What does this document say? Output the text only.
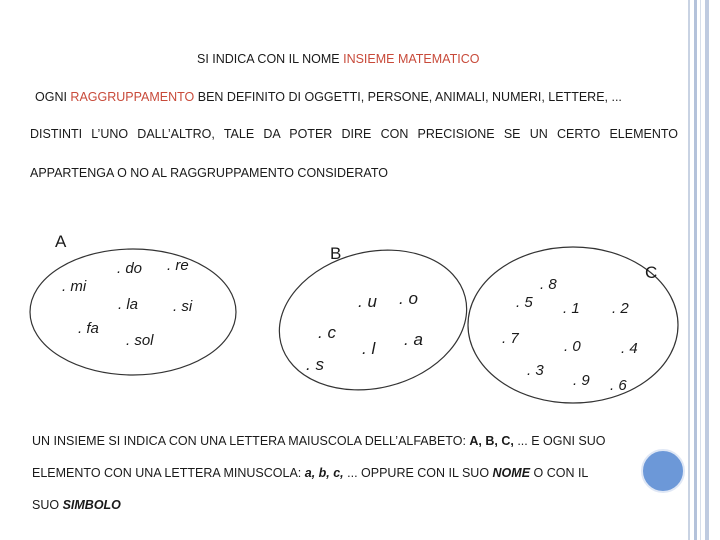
SI INDICA CON IL NOME INSIEME MATEMATICO
OGNI RAGGRUPPAMENTO BEN DEFINITO DI OGGETTI, PERSONE, ANIMALI, NUMERI, LETTERE, ...
DISTINTI L’UNO DALL’ALTRO, TALE DA POTER DIRE CON PRECISIONE SE UN CERTO ELEMENTO
APPARTENGA O NO AL RAGGRUPPAMENTO CONSIDERATO
A
B
C
. do . re
. mi
. la . si
. fa
. sol
. u . o
. c
. s
. l . a
. 8
. 5 . 1 . 2
. 7	. 0	. 4
. 3
. 9 . 6
UN INSIEME SI INDICA CON UNA LETTERA MAIUSCOLA DELL’ALFABETO: A, B, C, ... E OGNI SUO
ELEMENTO CON UNA LETTERA MINUSCOLA: a, b, c, ... OPPURE CON IL SUO NOME O CON IL
SUO SIMBOLO
